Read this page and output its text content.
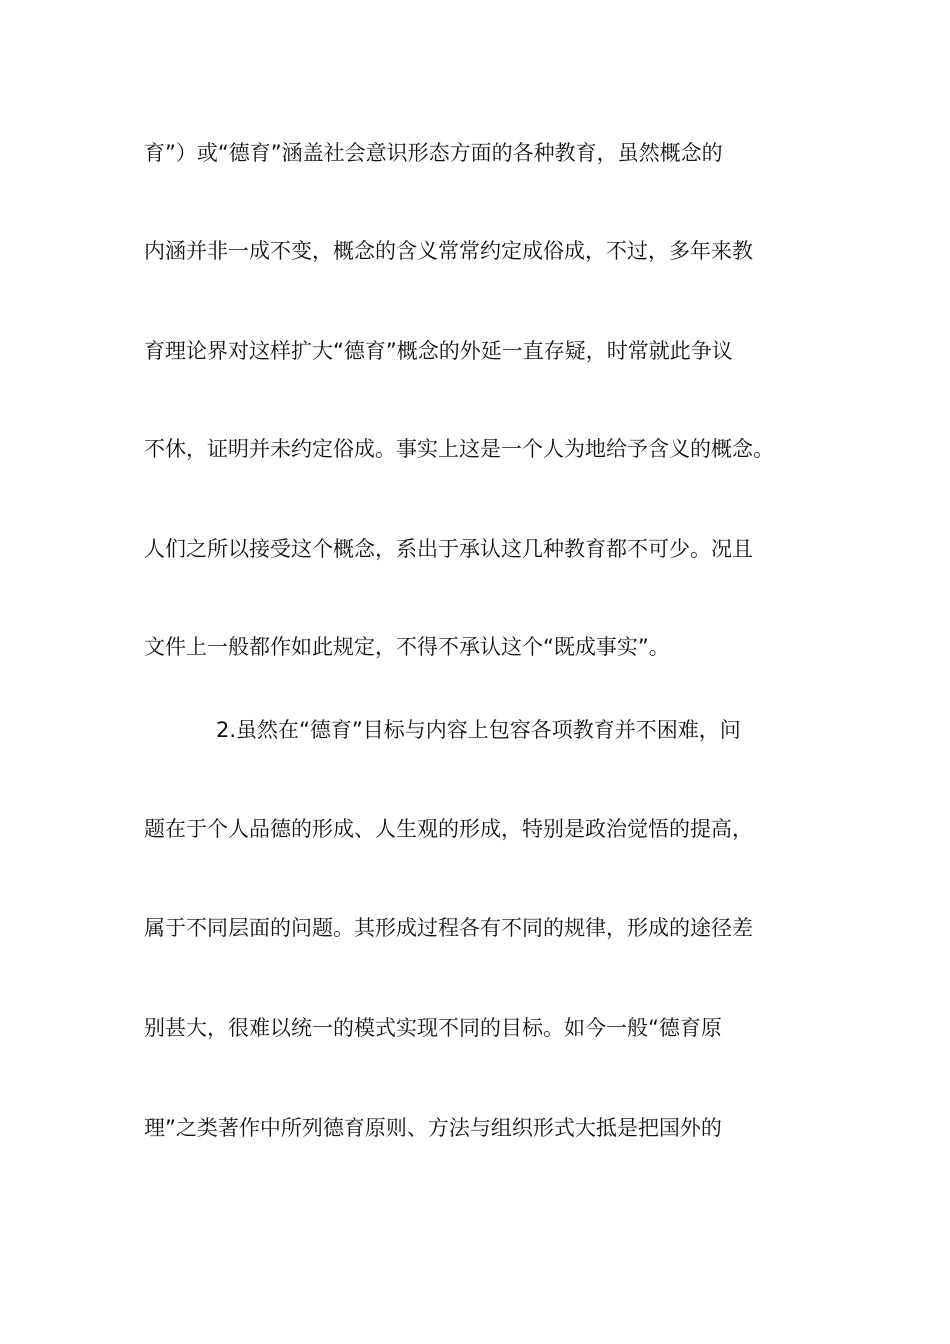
育”）或“德育”涵盖社会意识形态方面的各种教育，虽然概念的
内涵并非一成不变，概念的含义常常约定成俗成，不过，多年来教
育理论界对这样扩大“德育”概念的外延一直存疑，时常就此争议
不休，证明并未约定俗成。事实上这是一个人为地给予含义的概念。
人们之所以接受这个概念，系出于承认这几种教育都不可少。况且
文件上一般都作如此规定，不得不承认这个“既成事实”。
2.虽然在“德育”目标与内容上包容各项教育并不困难，问
题在于个人品德的形成、人生观的形成，特别是政治觉悟的提高，
属于不同层面的问题。其形成过程各有不同的规律，形成的途径差
别甚大，很难以统一的模式实现不同的目标。如今一般“德育原
理”之类著作中所列德育原则、方法与组织形式大抵是把国外的
